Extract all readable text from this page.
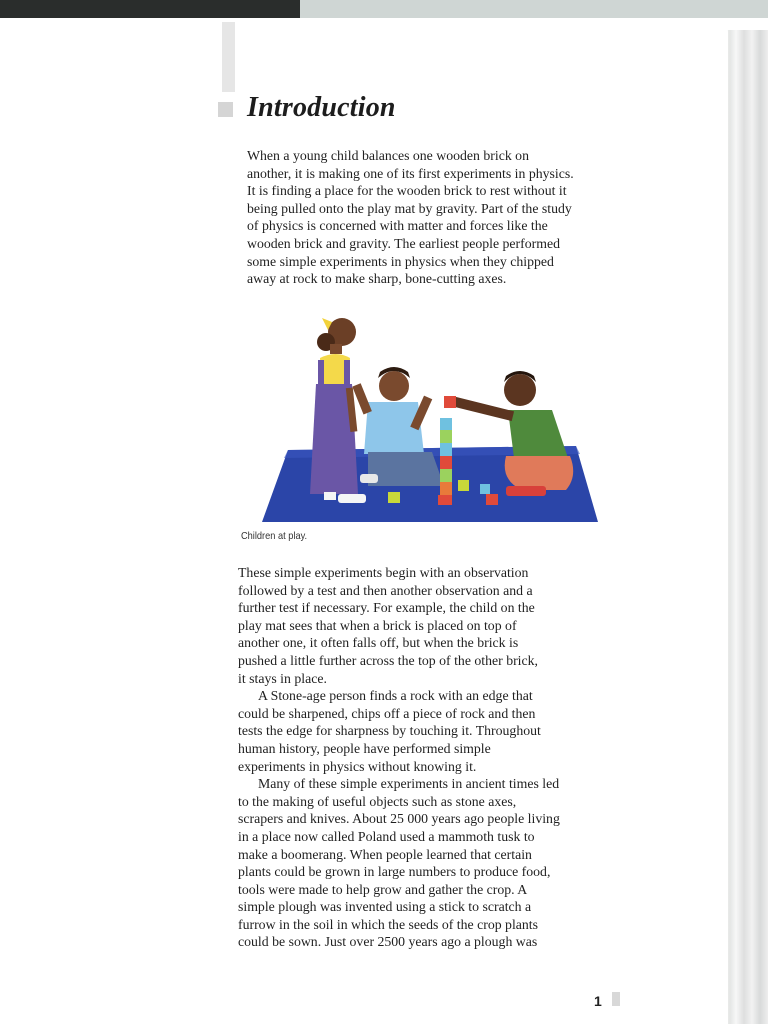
Introduction

When a young child balances one wooden brick on
another, it is making one of its first experiments in physics.
It is finding a place for the wooden brick to rest without it
being pulled onto the play mat by gravity. Part of the study
of physics is concerned with matter and forces like the
wooden brick and gravity. The earliest people performed
some simple experiments in physics when they chipped
away at rock to make sharp, bone-cutting axes.

Children at play.

These simple experiments begin with an observation
followed by a test and then another observation and a
further test if necessary. For example, the child on the
play mat sees that when a brick is placed on top of
another one, it often falls off, but when the brick is
pushed a little further across the top of the other brick,
it stays in place.
A Stone-age person finds a rock with an edge that
could be sharpened, chips off a piece of rock and then
tests the edge for sharpness by touching it. Throughout
human history, people have performed simple
experiments in physics without knowing it.
Many of these simple experiments in ancient times led
to the making of useful objects such as stone axes,
scrapers and knives. About 25 000 years ago people living
in a place now called Poland used a mammoth tusk to
make a boomerang. When people learned that certain
plants could be grown in large numbers to produce food,
tools were made to help grow and gather the crop. A
simple plough was invented using a stick to scratch a
furrow in the soil in which the seeds of the crop plants
could be sown. Just over 2500 years ago a plough was

1
